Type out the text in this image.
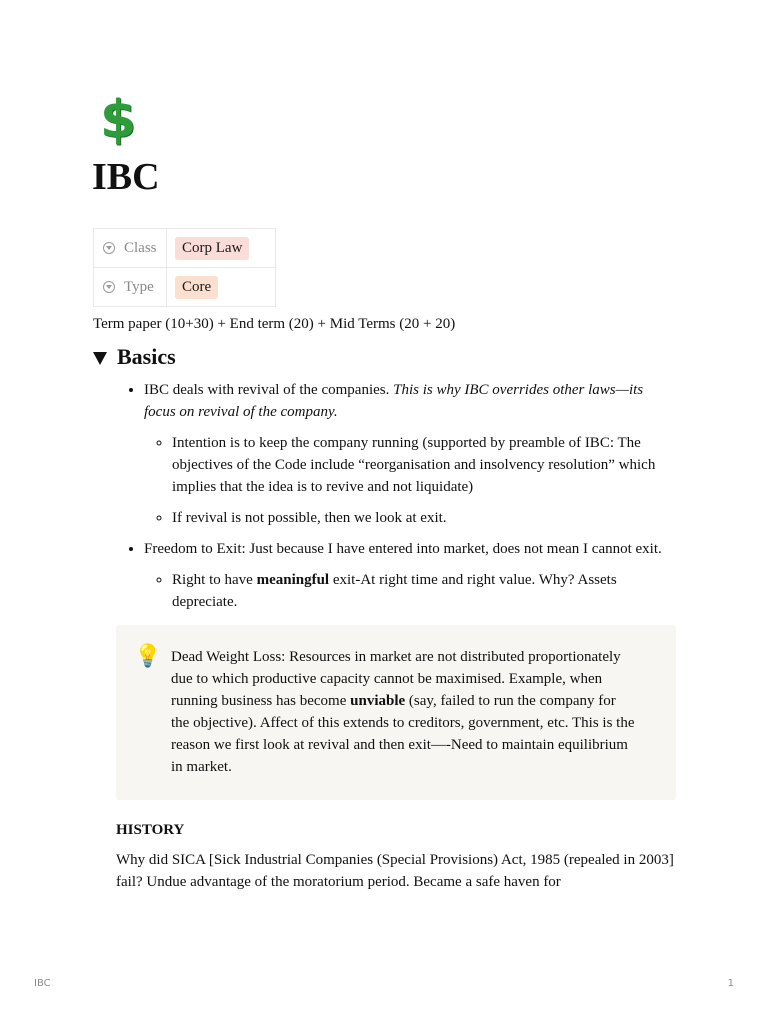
$
IBC
Class	Corp Law

Type	Core

Term paper (10+30) + End term (20) + Mid Terms (20 + 20)

Basics
• IBC deals with revival of the companies. This is why IBC overrides other laws—its focus on revival of the company.
◦ Intention is to keep the company running (supported by preamble of IBC: The objectives of the Code include “reorganisation and insolvency resolution” which implies that the idea is to revive and not liquidate)
◦ If revival is not possible, then we look at exit.
• Freedom to Exit: Just because I have entered into market, does not mean I cannot exit.
◦ Right to have meaningful exit-At right time and right value. Why? Assets depreciate.
💡 Dead Weight Loss: Resources in market are not distributed proportionately due to which productive capacity cannot be maximised. Example, when running business has become unviable (say, failed to run the company for the objective). Affect of this extends to creditors, government, etc. This is the reason we first look at revival and then exit—-Need to maintain equilibrium in market.

HISTORY

Why did SICA [Sick Industrial Companies (Special Provisions) Act, 1985 (repealed in 2003] fail? Undue advantage of the moratorium period. Became a safe haven for

IBC	1
